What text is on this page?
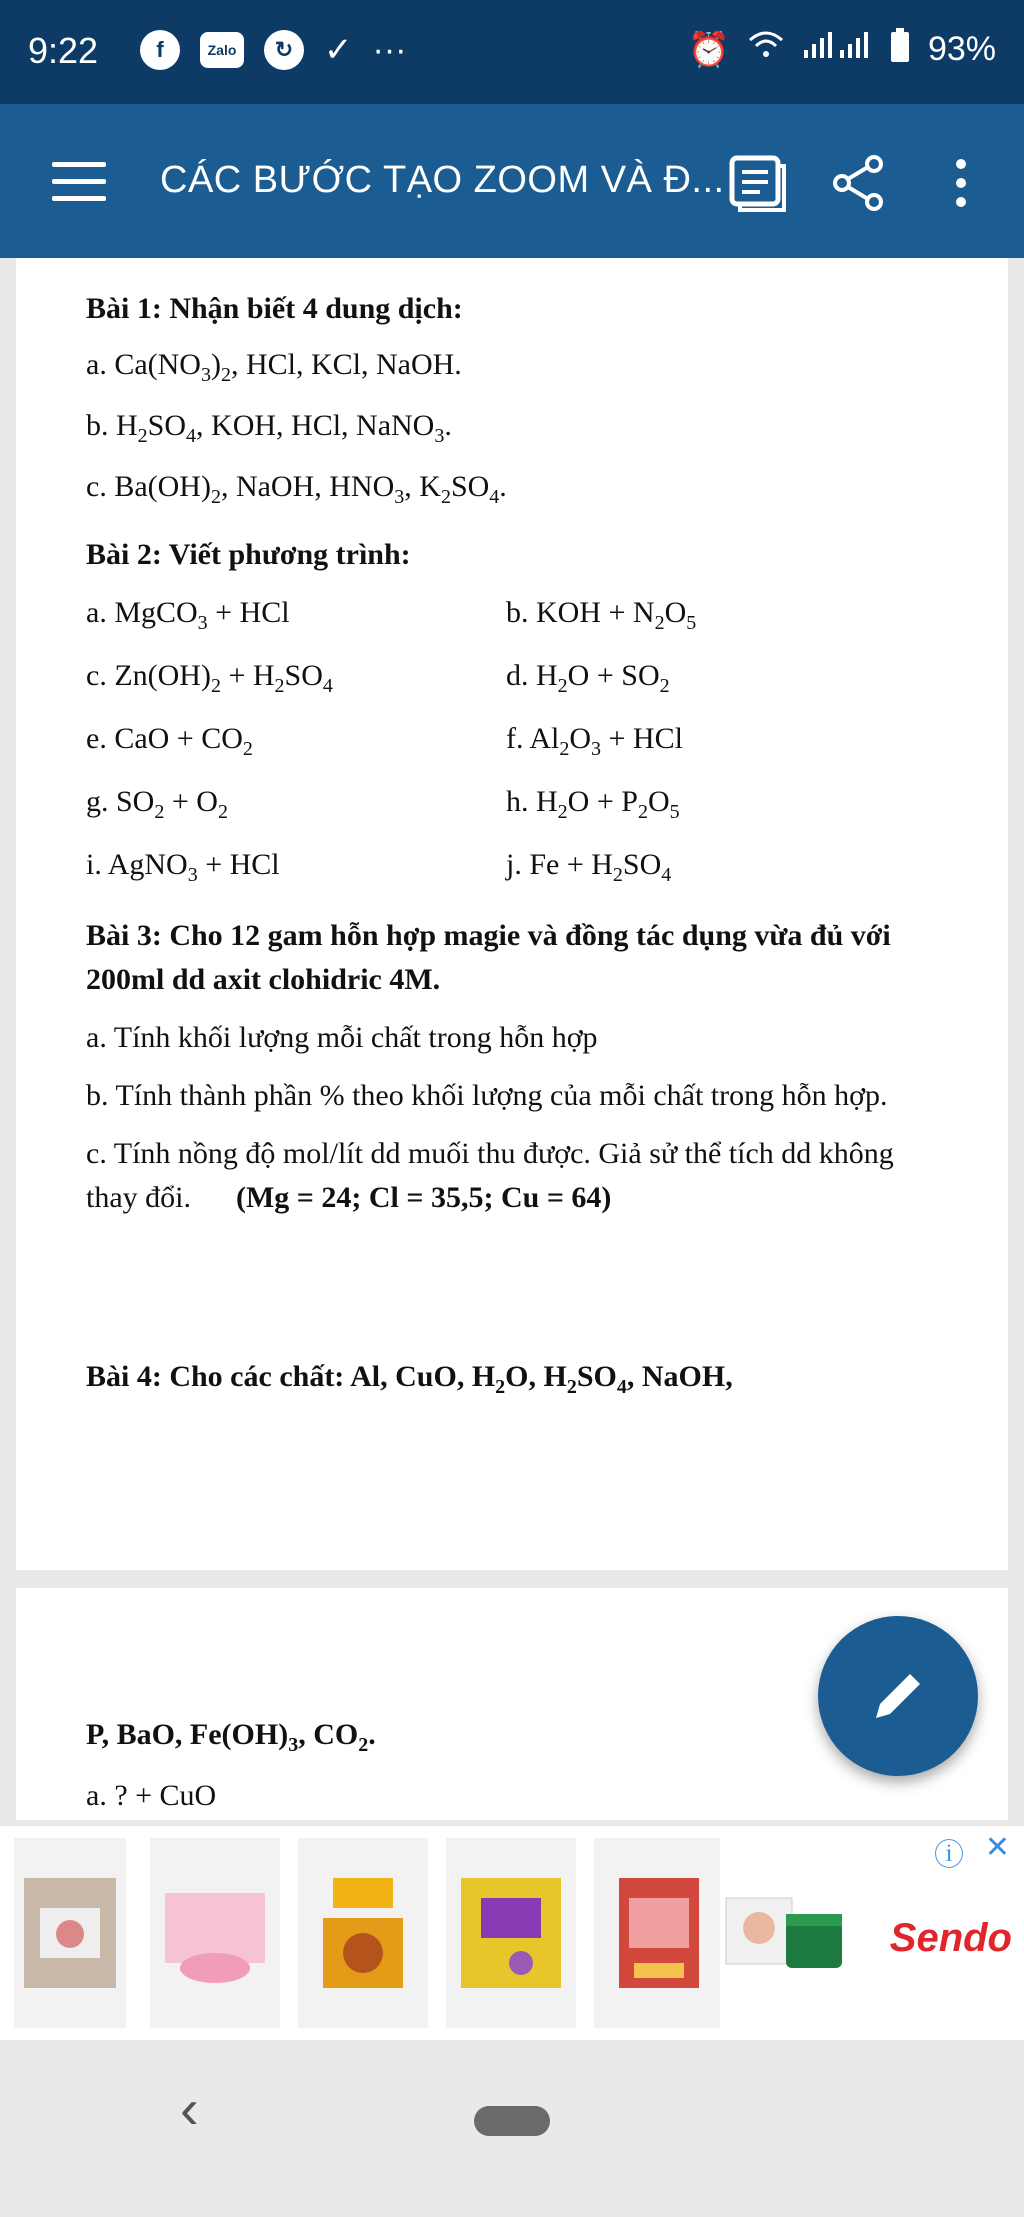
9:22	f	Zalo	↻ ✓ ···	⏰	93%
CÁC BƯỚC TẠO ZOOM VÀ Đ...

Bài 1: Nhận biết 4 dung dịch:

a. $Ca(NO_3)_2$, HCl, KCl, NaOH.

b. $H_2SO_4$, KOH, HCl, NaNO$_3$.

c. $Ba(OH)_2$, NaOH, $HNO_3$, $K_2SO_4$.

Bài 2: Viết phương trình:

a. MgCO$_3$ + HCl	b. KOH + $N_2O_5$
c. $Zn(OH)_2 + H_2SO_4$	d. $H_2O + SO_2$
e. CaO + $CO_2$	f. $Al_2O_3$ + HCl
g. $SO_2 + O_2$	h. $H_2O + P_2O_5$
i. AgNO$_3$ + HCl	j. $Fe + H_2SO_4$

Bài 3: Cho 12 gam hỗn hợp magie và đồng tác dụng vừa đủ với 200ml dd axit clohidric 4M.

a. Tính khối lượng mỗi chất trong hỗn hợp

b. Tính thành phần % theo khối lượng của mỗi chất trong hỗn hợp.

c. Tính nồng độ mol/lít dd muối thu được. Giả sử thể tích dd không thay đổi. (Mg = 24; Cl = 35,5; Cu = 64)

Bài 4: Cho các chất: Al, CuO, $H_2O$, $H_2SO_4$, NaOH,

P, BaO, $Fe(OH)_3$, $CO_2$.

a. ? + CuO

Sendo
ⓘ ✕
‹
